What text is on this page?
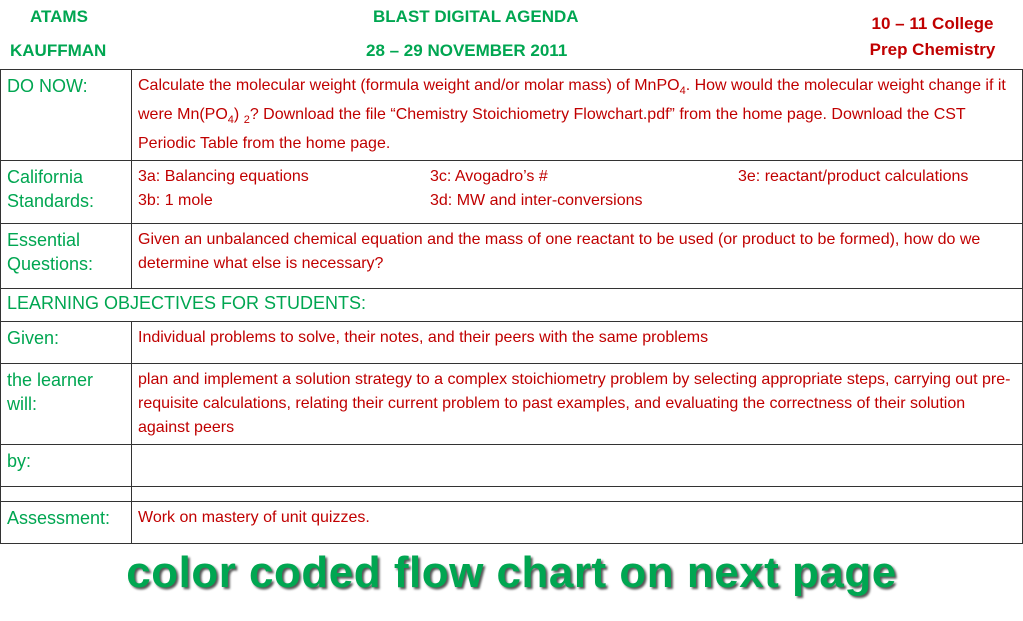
ATAMS
KAUFFMAN
BLAST DIGITAL AGENDA
28 – 29 NOVEMBER 2011
10 – 11 College
Prep Chemistry
DO NOW:	Calculate the molecular weight (formula weight and/or molar mass) of MnPO$_4$. How would the molecular weight change if it were $Mn(PO_4)$ $_2$? Download the file “Chemistry Stoichiometry Flowchart.pdf” from the home page. Download the CST Periodic Table from the home page.
California Standards:	3a: Balancing equations 3c: Avogadro’s # 3e: reactant/product calculations
3b: 1 mole 3d: MW and inter-conversions

Essential Questions:	Given an unbalanced chemical equation and the mass of one reactant to be used (or product to be formed), how do we determine what else is necessary?
LEARNING OBJECTIVES FOR STUDENTS:	
Given:	Individual problems to solve, their notes, and their peers with the same problems
the learner will:	plan and implement a solution strategy to a complex stoichiometry problem by selecting appropriate steps, carrying out pre-requisite calculations, relating their current problem to past examples, and evaluating the correctness of their solution against peers
by:	

Assessment:	Work on mastery of unit quizzes.
color coded flow chart on next page
